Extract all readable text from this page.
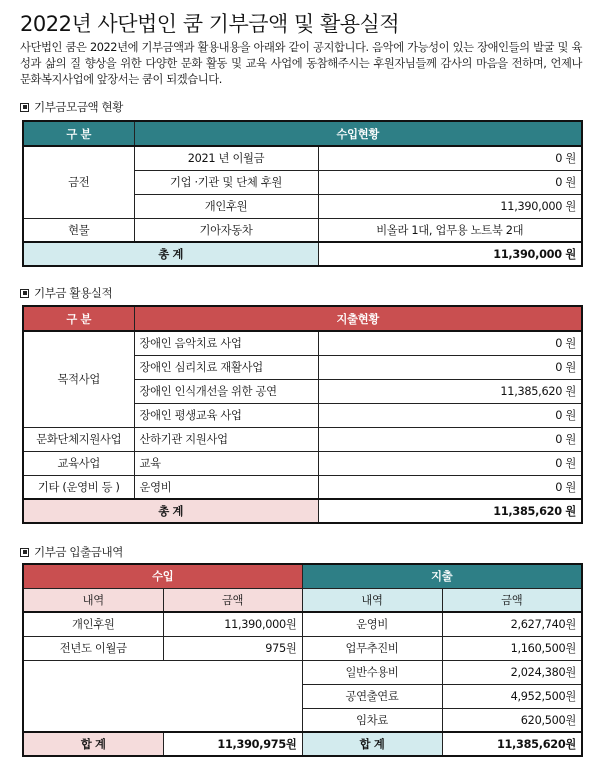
2022년 사단법인 쿰 기부금액 및 활용실적
사단법인 쿰은 2022년에 기부금액과 활용내용을 아래와 같이 공지합니다. 음악에 가능성이 있는 장애인들의 발굴 및 육성과 삶의 질 향상을 위한 다양한 문화 활동 및 교육 사업에 동참해주시는 후원자님들께 감사의 마음을 전하며, 언제나 문화복지사업에 앞장서는 쿰이 되겠습니다.
기부금모금액 현황
구 분	수입현황	
금전	2021 년 이월금	0 원
	기업 ·기관 및 단체 후원	0 원
	개인후원	11,390,000 원
현물	기아자동차	비올라 1대, 업무용 노트북 2대
총 계		11,390,000 원
기부금 활용실적
구 분	지출현황	
목적사업	장애인 음악치료 사업	0 원
	장애인 심리치료 재활사업	0 원
	장애인 인식개선을 위한 공연	11,385,620 원
	장애인 평생교육 사업	0 원
문화단체지원사업	산하기관 지원사업	0 원
교육사업	교육	0 원
기타 (운영비 등 )	운영비	0 원
총 계		11,385,620 원
기부금 입출금내역
수입		지출	
내역	금액	내역	금액
개인후원	11,390,000원	운영비	2,627,740원
전년도 이월금	975원	업무추진비	1,160,500원
		일반수용비	2,024,380원
		공연출연료	4,952,500원
		임차료	620,500원
합 계	11,390,975원	합 계	11,385,620원
